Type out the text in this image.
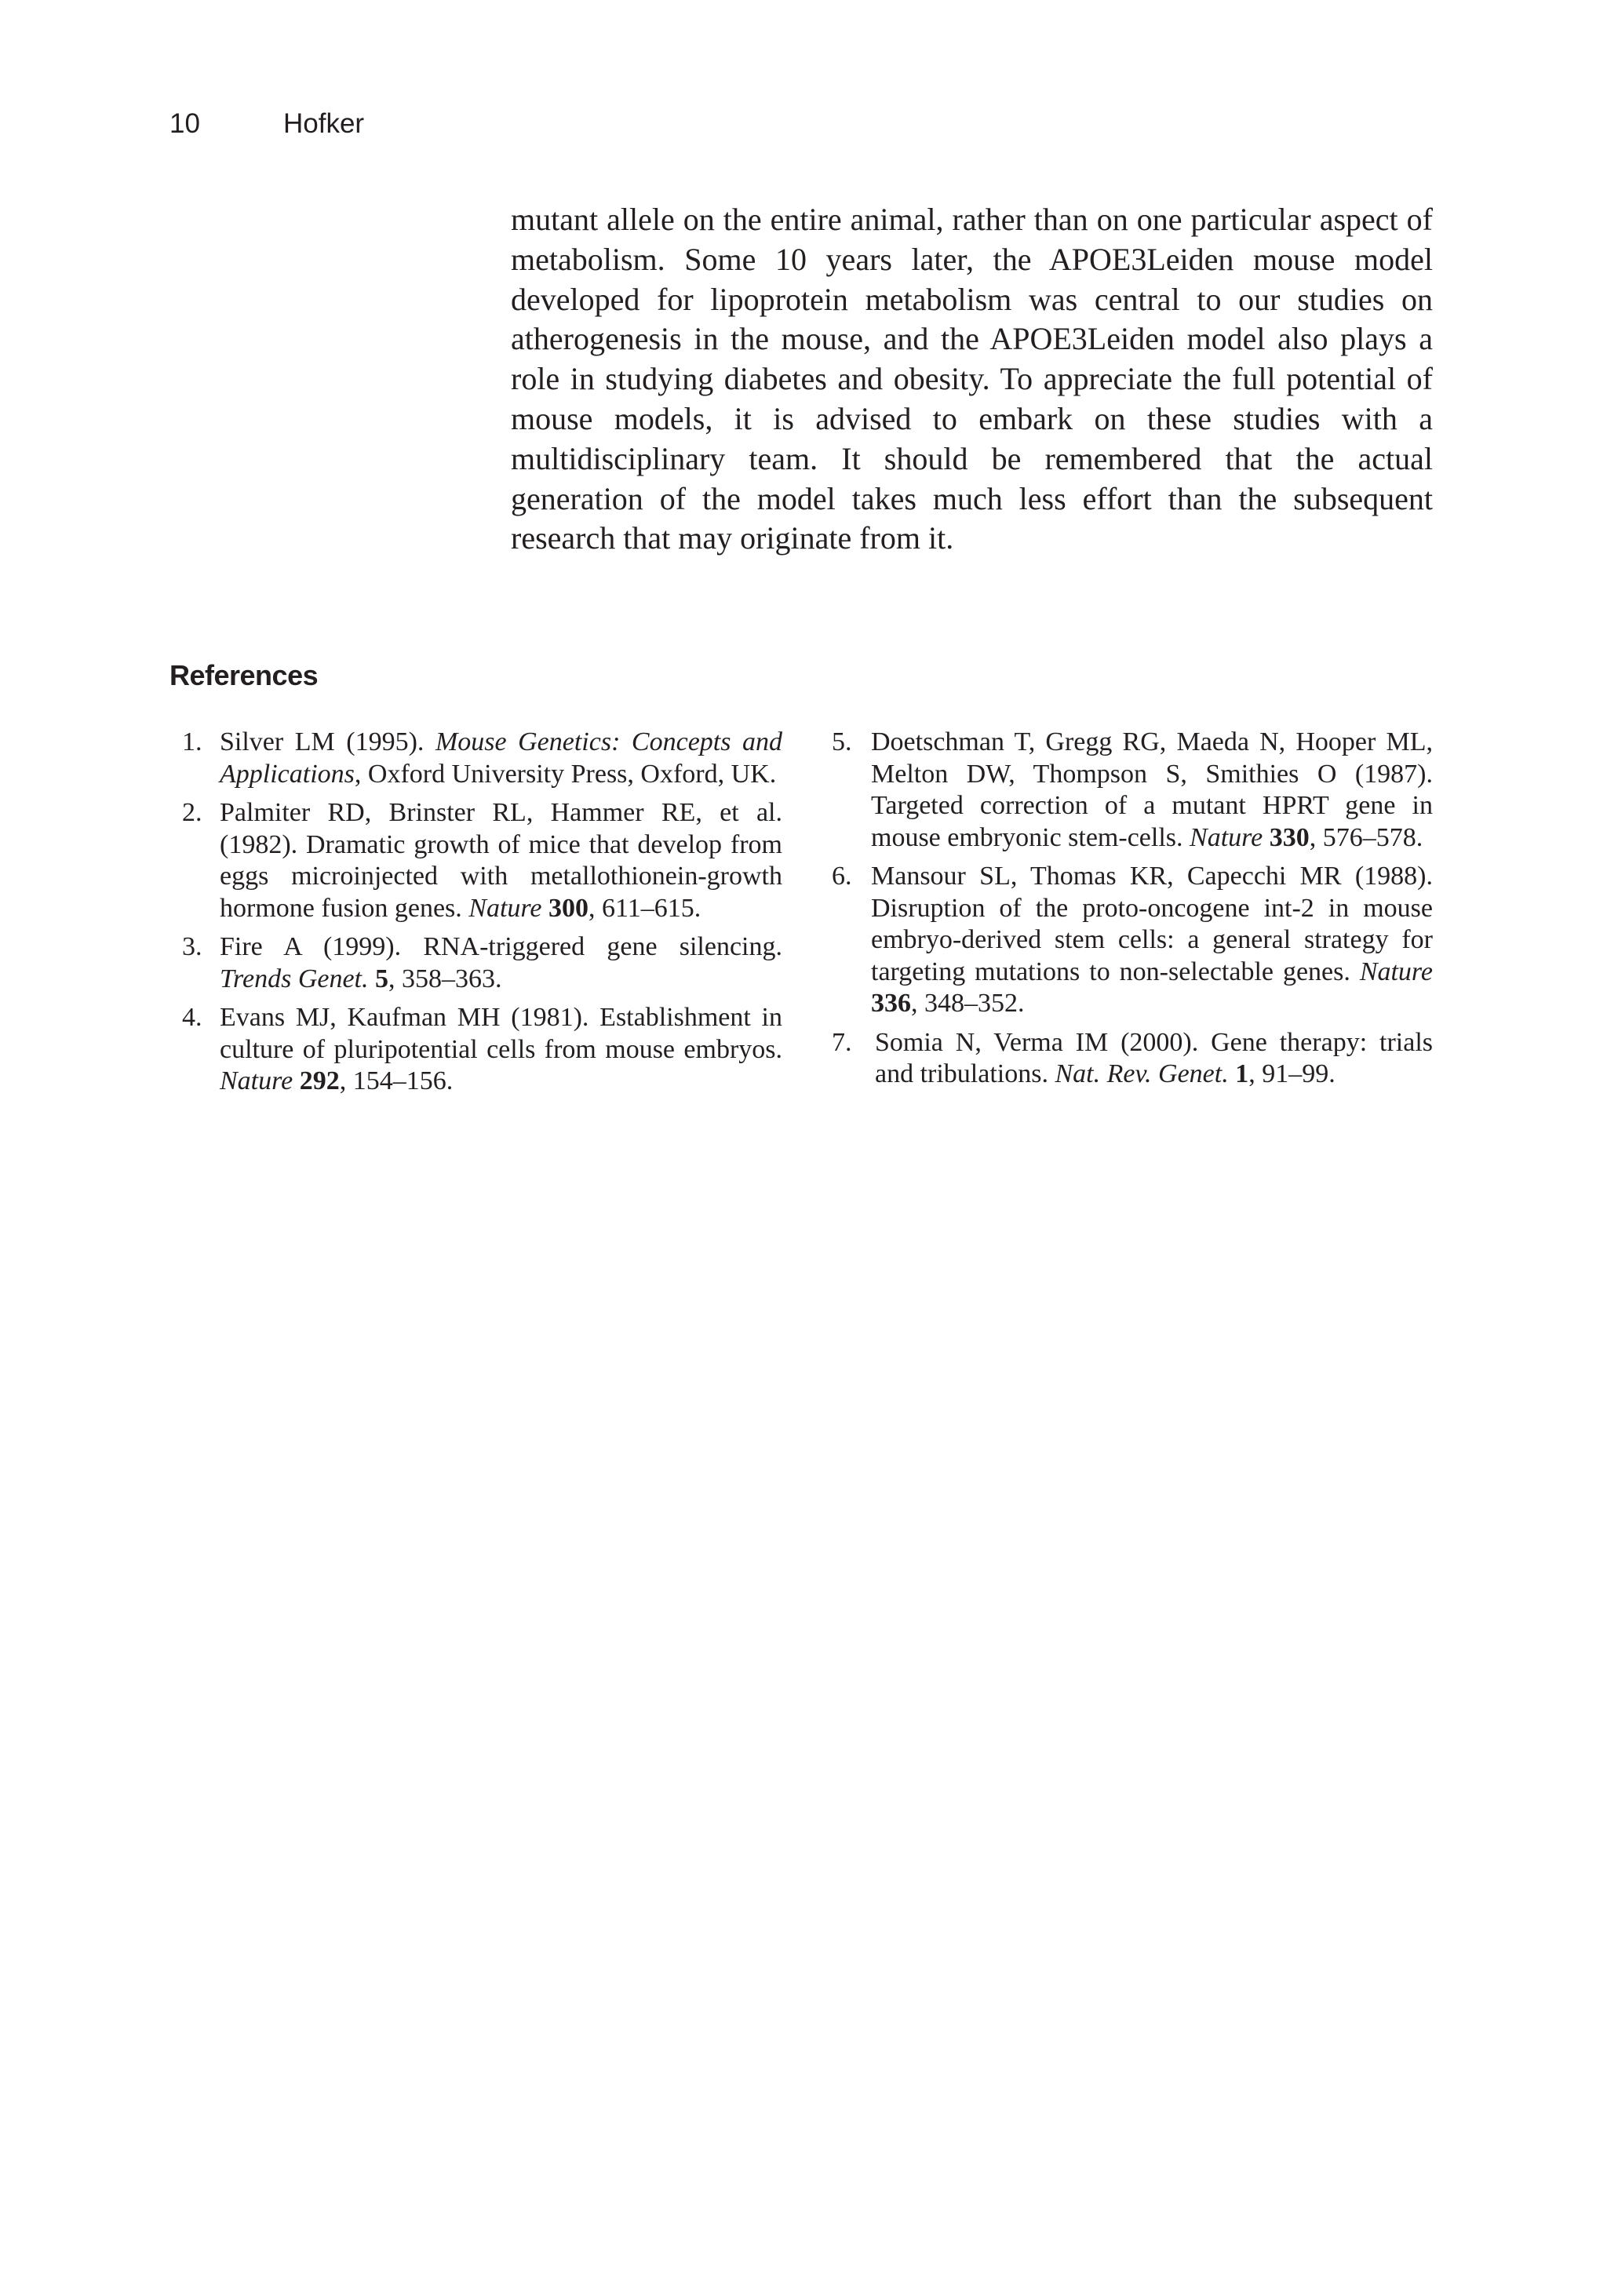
10	Hofker

mutant allele on the entire animal, rather than on one particular aspect of metabolism. Some 10 years later, the APOE3Leiden mouse model developed for lipoprotein metabolism was central to our studies on atherogenesis in the mouse, and the APOE3Leiden model also plays a role in studying diabetes and obesity. To appreciate the full potential of mouse models, it is advised to embark on these studies with a multidisciplinary team. It should be remembered that the actual generation of the model takes much less effort than the subsequent research that may originate from it.

References
1. Silver LM (1995). Mouse Genetics: Concepts and Applications, Oxford University Press, Oxford, UK.
2. Palmiter RD, Brinster RL, Hammer RE, et al. (1982). Dramatic growth of mice that develop from eggs microinjected with metallothionein-growth hormone fusion genes. Nature 300, 611–615.
3. Fire A (1999). RNA-triggered gene silencing. Trends Genet. 5, 358–363.
4. Evans MJ, Kaufman MH (1981). Establishment in culture of pluripotential cells from mouse embryos. Nature 292, 154–156.
5. Doetschman T, Gregg RG, Maeda N, Hooper ML, Melton DW, Thompson S, Smithies O (1987). Targeted correction of a mutant HPRT gene in mouse embryonic stem-cells. Nature 330, 576–578.
6. Mansour SL, Thomas KR, Capecchi MR (1988). Disruption of the proto-oncogene int-2 in mouse embryo-derived stem cells: a general strategy for targeting mutations to non-selectable genes. Nature 336, 348–352.
7. Somia N, Verma IM (2000). Gene therapy: trials and tribulations. Nat. Rev. Genet. 1, 91–99.
